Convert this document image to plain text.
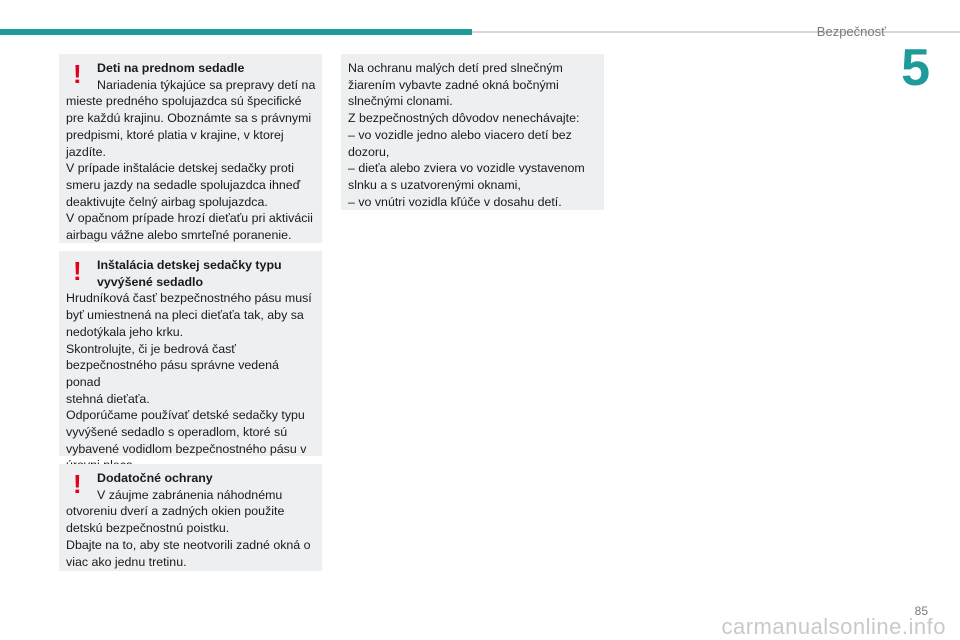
Bezpečnosť
5
! Deti na prednom sedadle

Nariadenia týkajúce sa prepravy detí na

mieste predného spolujazdca sú špecifické

pre každú krajinu. Oboznámte sa s právnymi

predpismi, ktoré platia v krajine, v ktorej

jazdíte.

V prípade inštalácie detskej sedačky proti

smeru jazdy na sedadle spolujazdca ihneď

deaktivujte čelný airbag spolujazdca.

V opačnom prípade hrozí dieťaťu pri aktivácii

airbagu vážne alebo smrteľné poranenie.

! Inštalácia detskej sedačky typu

vyvýšené sedadlo

Hrudníková časť bezpečnostného pásu musí

byť umiestnená na pleci dieťaťa tak, aby sa

nedotýkala jeho krku.

Skontrolujte, či je bedrová časť

bezpečnostného pásu správne vedená ponad

stehná dieťaťa.

Odporúčame používať detské sedačky typu

vyvýšené sedadlo s operadlom, ktoré sú

vybavené vodidlom bezpečnostného pásu v

! Dodatočné ochrany

V záujme zabránenia náhodnému

otvoreniu dverí a zadných okien použite

detskú bezpečnostnú poistku.

Dbajte na to, aby ste neotvorili zadné okná o

viac ako jednu tretinu.

Na ochranu malých detí pred slnečným

žiarením vybavte zadné okná bočnými

slnečnými clonami.

Z bezpečnostných dôvodov nenechávajte:

– vo vozidle jedno alebo viacero detí bez

dozoru,

– dieťa alebo zviera vo vozidle vystavenom

slnku a s uzatvorenými oknami,

– vo vnútri vozidla kľúče v dosahu detí.

85
carmanualsonline.info
